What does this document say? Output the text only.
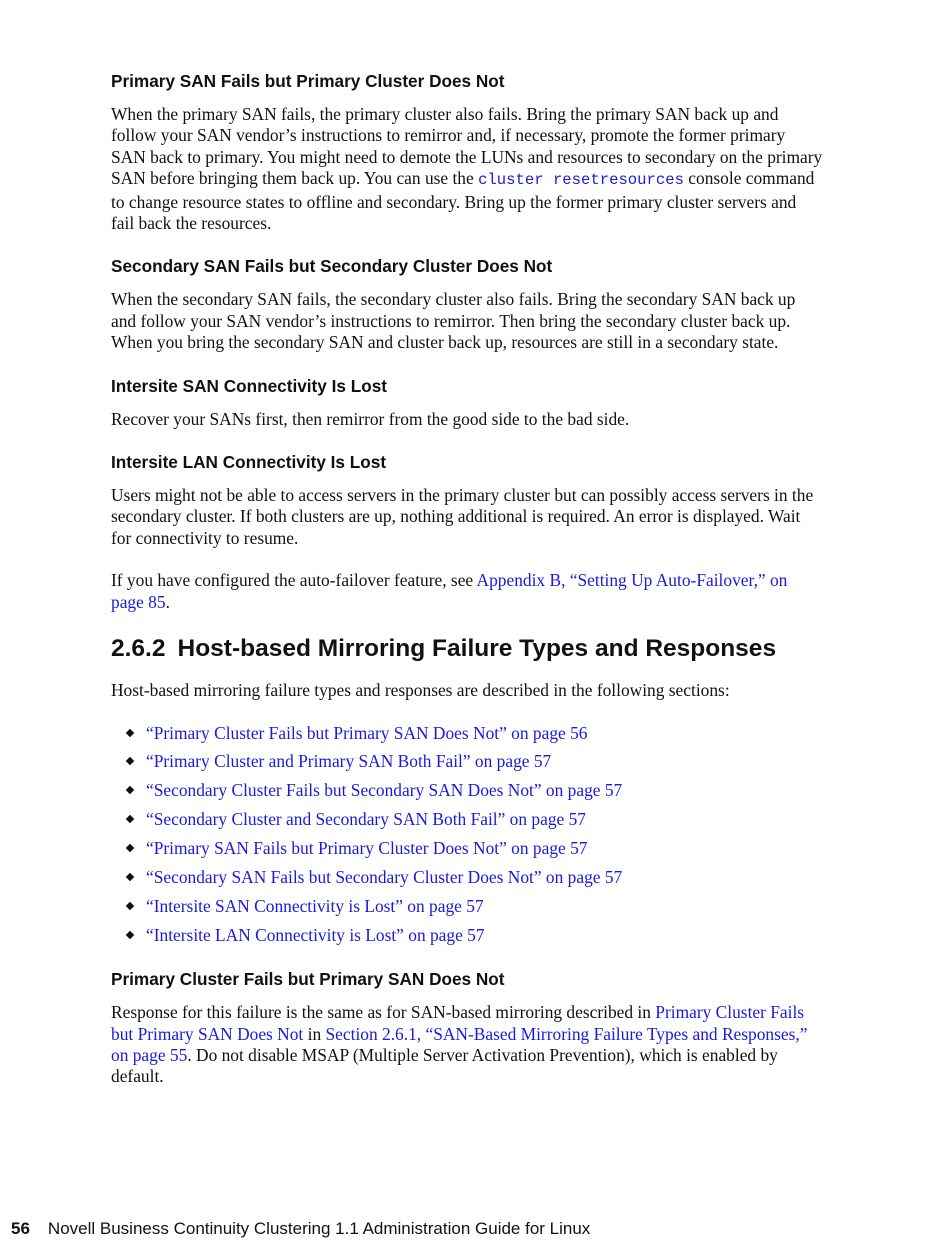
Primary SAN Fails but Primary Cluster Does Not

When the primary SAN fails, the primary cluster also fails. Bring the primary SAN back up and follow your SAN vendor’s instructions to remirror and, if necessary, promote the former primary SAN back to primary. You might need to demote the LUNs and resources to secondary on the primary SAN before bringing them back up. You can use the cluster resetresources console command to change resource states to offline and secondary. Bring up the former primary cluster servers and fail back the resources.

Secondary SAN Fails but Secondary Cluster Does Not

When the secondary SAN fails, the secondary cluster also fails. Bring the secondary SAN back up and follow your SAN vendor’s instructions to remirror. Then bring the secondary cluster back up. When you bring the secondary SAN and cluster back up, resources are still in a secondary state.

Intersite SAN Connectivity Is Lost

Recover your SANs first, then remirror from the good side to the bad side.

Intersite LAN Connectivity Is Lost

Users might not be able to access servers in the primary cluster but can possibly access servers in the secondary cluster. If both clusters are up, nothing additional is required. An error is displayed. Wait for connectivity to resume.

If you have configured the auto-failover feature, see Appendix B, “Setting Up Auto-Failover,” on page 85.

2.6.2 Host-based Mirroring Failure Types and Responses

Host-based mirroring failure types and responses are described in the following sections:

“Primary Cluster Fails but Primary SAN Does Not” on page 56
“Primary Cluster and Primary SAN Both Fail” on page 57
“Secondary Cluster Fails but Secondary SAN Does Not” on page 57
“Secondary Cluster and Secondary SAN Both Fail” on page 57
“Primary SAN Fails but Primary Cluster Does Not” on page 57
“Secondary SAN Fails but Secondary Cluster Does Not” on page 57
“Intersite SAN Connectivity is Lost” on page 57
“Intersite LAN Connectivity is Lost” on page 57
Primary Cluster Fails but Primary SAN Does Not

Response for this failure is the same as for SAN-based mirroring described in Primary Cluster Fails but Primary SAN Does Not in Section 2.6.1, “SAN-Based Mirroring Failure Types and Responses,” on page 55. Do not disable MSAP (Multiple Server Activation Prevention), which is enabled by default.

56 Novell Business Continuity Clustering 1.1 Administration Guide for Linux
